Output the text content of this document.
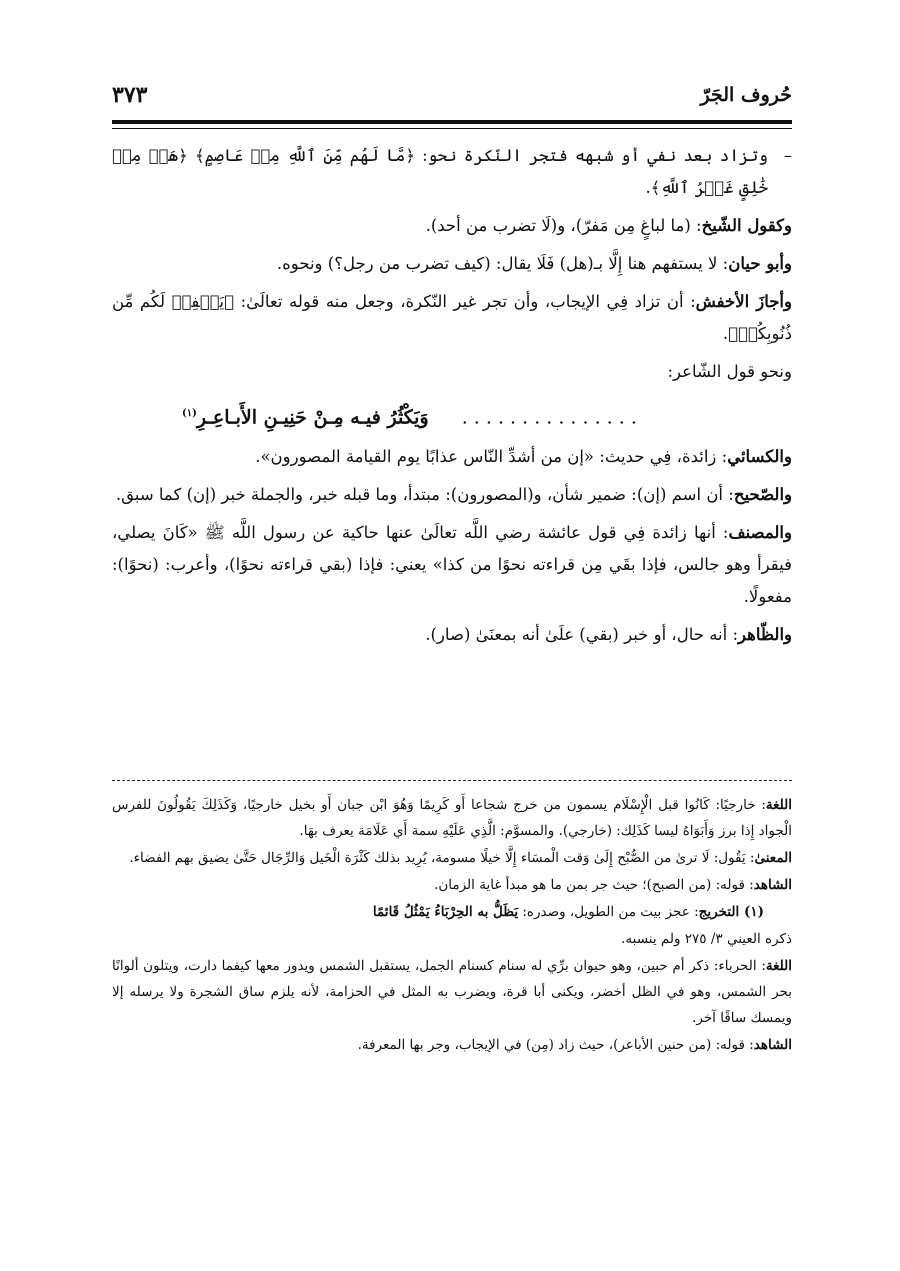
حُروف الجَرّ
٣٧٣

–
وتزاد بعد نفي أو شبهه فتجر النّكرة نحو: ﴿مَّا لَهُم مِّنَ ٱللَّهِ مِنۡ عَاصِمٍ﴾ ﴿هَلۡ مِنۡ خَٰلِقٍ غَيۡرُ ٱللَّهِ﴾.

وكقول الشّيخ: (ما لباغٍ مِن مَفرّ)، و(لَا تضرب من أحد).

وأبو حيان: لا يستفهم هنا إِلَّا بـ(هل) فَلَا يقال: (كيف تضرب من رجل؟) ونحوه.

وأجازَ الأخفش: أن تزاد فِي الإيجاب، وأن تجر غير النّكرة، وجعل منه قوله تعالَىٰ: ﴿يَغۡفِرۡ لَكُم مِّن ذُنُوبِكُمۡ﴾.

ونحو قول الشّاعر:

. . . . . . . . . . . . . . .     وَيَكْثُرُ فيـه مِـنْ حَنِيـنِ الأَبـاعِـرِ$^{(١)}$

والكسائي: زائدة، فِي حديث: «إن من أشدِّ النّاس عذابًا يوم القيامة المصورون».

والصّحيح: أن اسم (إن): ضمير شأن، و(المصورون): مبتدأ، وما قبله خبر، والجملة خبر (إن) كما سبق.

والمصنف: أنها زائدة فِي قول عائشة رضي اللَّه تعالَىٰ عنها حاكية عن رسول اللَّه ﷺ «كَانَ يصلي، فيقرأ وهو جالس، فإذا بقَي مِن قراءته نحوًا من كذا» يعني: فإذا (بقي قراءته نحوًا)، وأعرب: (نحوًا): مفعولًا.

والظّاهر: أنه حال، أو خبر (بقي) علَىٰ أنه بمعنَىٰ (صار).

اللغة: خارجيًا: كَانُوا قبل الْإِسْلَام يسمون من خرج شجاعا أَو كَرِيمًا وَهُوَ ابْن جبان أَو بخيل خارجيًا، وَكَذَلِكَ يَقُولُونَ للفرس الْجواد إِذا برز وَأَبَوَاهُ ليسا كَذَلِك: (خارجي). والمسوَّم: الَّذِي عَلَيْهِ سمة أَي عَلَامَة يعرف بهَا.

المعنىٰ: يَقُول: لَا ترىٰ من الصُّبْح إِلَىٰ وَقت الْمسَاء إِلَّا خيلًا مسومة، يُرِيد بذلك كَثْرَة الْخَيل وَالرِّجَال حَتَّىٰ يضيق بهم الفضاء.

الشاهد: قوله: (من الصبح)؛ حيث جر بمن ما هو مبدأ غاية الزمان.

(١) التخريج: عجز بيت من الطويل، وصدره: يَظَلُّ به الحِرْبَاءُ يَمْثُلُ قَائمًا

ذكره العيني ٣/ ٢٧٥ ولم ينسبه.

اللغة: الحرباء: ذكر أم حبين، وهو حيوان برِّي له سنام كسنام الجمل، يستقبل الشمس ويدور معها كيفما دارت، ويتلون ألوانًا بحر الشمس، وهو في الظل أخضر، ويكنى أبا قرة، ويضرب به المثل في الحزامة، لأنه يلزم ساق الشجرة ولا يرسله إلا ويمسك ساقًا آخر.

الشاهد: قوله: (من حنين الأباعر)، حيث زاد (مِن) في الإيجاب، وجر بها المعرفة.
